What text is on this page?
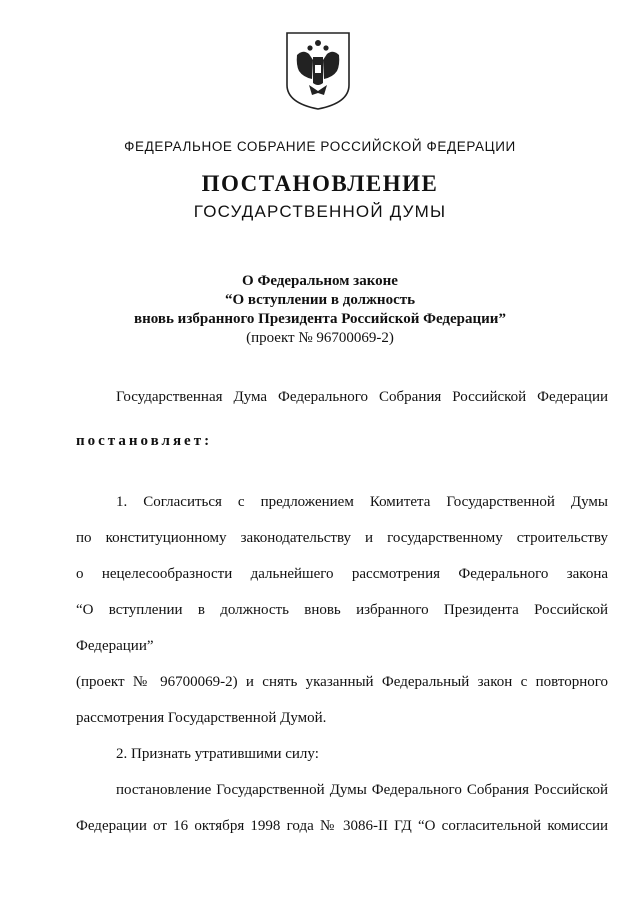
ФЕДЕРАЛЬНОЕ СОБРАНИЕ РОССИЙСКОЙ ФЕДЕРАЦИИ
ПОСТАНОВЛЕНИЕ
ГОСУДАРСТВЕННОЙ ДУМЫ
О Федеральном законе
“О вступлении в должность
вновь избранного Президента Российской Федерации”
(проект № 96700069-2)
Государственная Дума Федерального Собрания Российской Федерации
постановляет:
1. Согласиться с предложением Комитета Государственной Думы
по конституционному законодательству и государственному строительству
о нецелесообразности дальнейшего рассмотрения Федерального закона
“О вступлении в должность вновь избранного Президента Российской Федерации”
(проект № 96700069-2) и снять указанный Федеральный закон с повторного
рассмотрения Государственной Думой.
2. Признать утратившими силу:
постановление Государственной Думы Федерального Собрания Российской
Федерации от 16 октября 1998 года № 3086-II ГД “О согласительной комиссии
